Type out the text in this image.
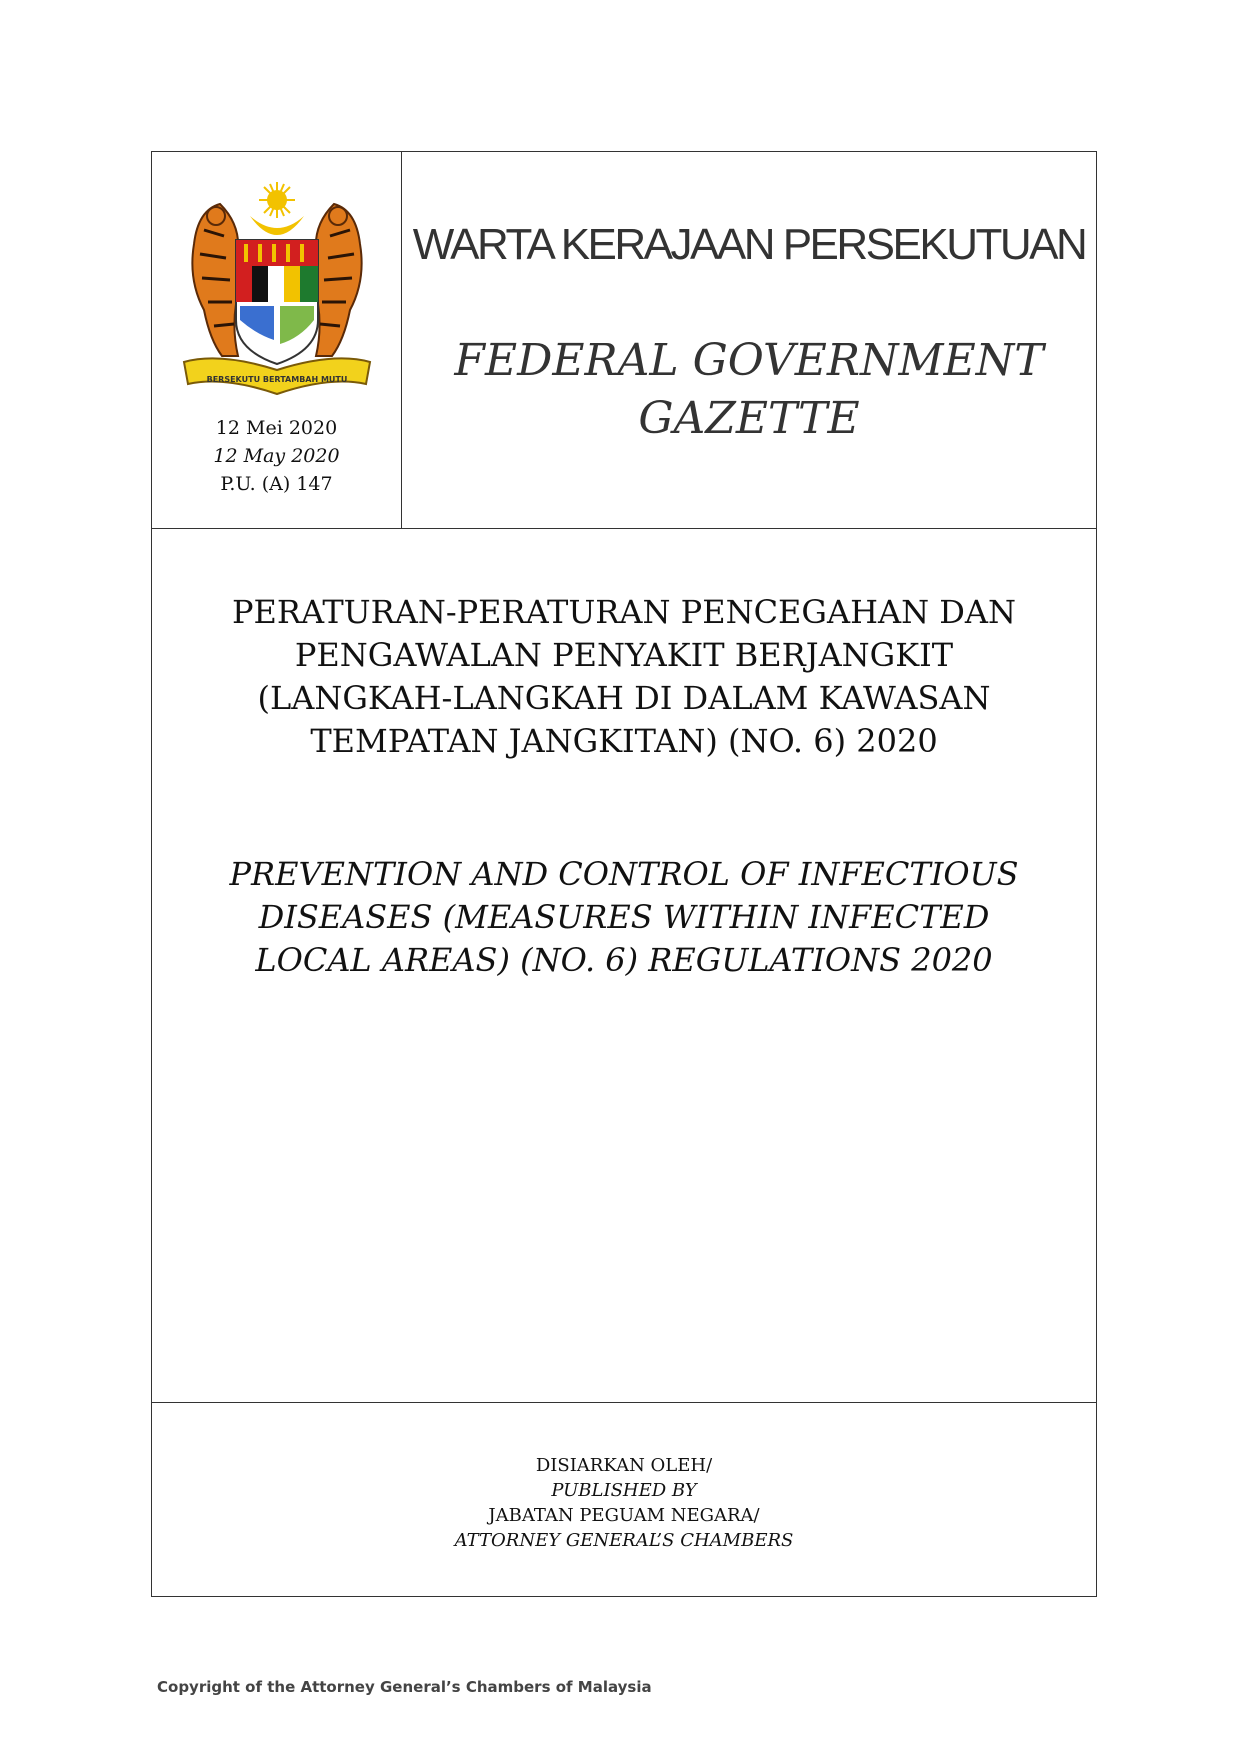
BERSEKUTU BERTAMBAH MUTU
12 Mei 2020
12 May 2020
P.U. (A) 147
WARTA KERAJAAN PERSEKUTUAN
FEDERAL GOVERNMENT
GAZETTE
PERATURAN-PERATURAN PENCEGAHAN DAN
PENGAWALAN PENYAKIT BERJANGKIT
(LANGKAH-LANGKAH DI DALAM KAWASAN
TEMPATAN JANGKITAN) (NO. 6) 2020
PREVENTION AND CONTROL OF INFECTIOUS
DISEASES (MEASURES WITHIN INFECTED
LOCAL AREAS) (NO. 6) REGULATIONS 2020
DISIARKAN OLEH/
PUBLISHED BY
JABATAN PEGUAM NEGARA/
ATTORNEY GENERAL’S CHAMBERS
Copyright of the Attorney General’s Chambers of Malaysia
